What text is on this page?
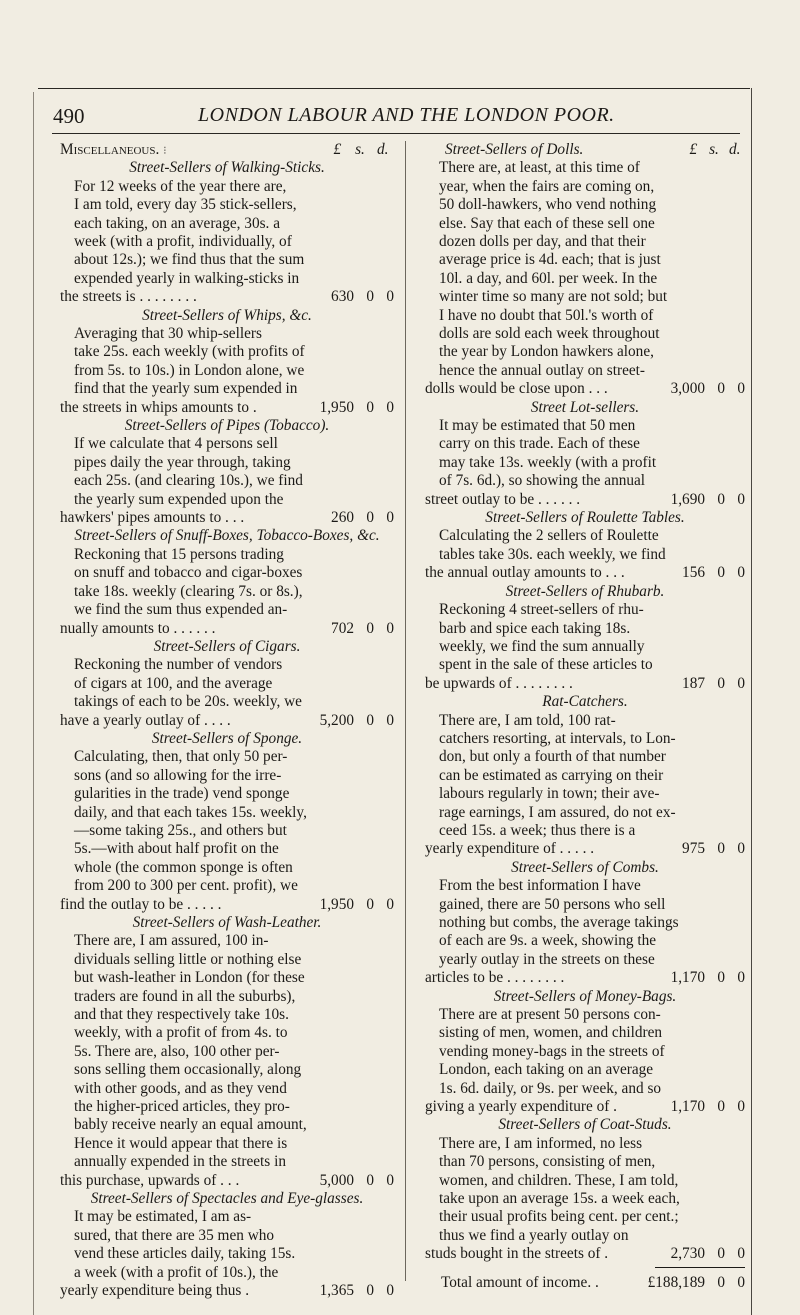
490	LONDON LABOUR AND THE LONDON POOR.
Miscellaneous. ⁝	£ s. d.
Street-Sellers of Walking-Sticks.

For 12 weeks of the year there are,
I am told, every day 35 stick-sellers,
each taking, on an average, 30s. a
week (with a profit, individually, of
about 12s.); we find thus that the sum
expended yearly in walking-sticks in

the streets is . . . . . . . .	630 0 0
Street-Sellers of Whips, &c.

Averaging that 30 whip-sellers
take 25s. each weekly (with profits of
from 5s. to 10s.) in London alone, we
find that the yearly sum expended in

the streets in whips amounts to .	1,950 0 0
Street-Sellers of Pipes (Tobacco).

If we calculate that 4 persons sell
pipes daily the year through, taking
each 25s. (and clearing 10s.), we find
the yearly sum expended upon the

hawkers' pipes amounts to . . .	260 0 0
Street-Sellers of Snuff-Boxes, Tobacco-Boxes, &c.

Reckoning that 15 persons trading
on snuff and tobacco and cigar-boxes
take 18s. weekly (clearing 7s. or 8s.),
we find the sum thus expended an-

nually amounts to . . . . . .	702 0 0
Street-Sellers of Cigars.

Reckoning the number of vendors
of cigars at 100, and the average
takings of each to be 20s. weekly, we

have a yearly outlay of . . . .	5,200 0 0
Street-Sellers of Sponge.

Calculating, then, that only 50 per-
sons (and so allowing for the irre-
gularities in the trade) vend sponge
daily, and that each takes 15s. weekly,
—some taking 25s., and others but
5s.—with about half profit on the
whole (the common sponge is often
from 200 to 300 per cent. profit), we

find the outlay to be . . . . .	1,950 0 0
Street-Sellers of Wash-Leather.

There are, I am assured, 100 in-
dividuals selling little or nothing else
but wash-leather in London (for these
traders are found in all the suburbs),
and that they respectively take 10s.
weekly, with a profit of from 4s. to
5s. There are, also, 100 other per-
sons selling them occasionally, along
with other goods, and as they vend
the higher-priced articles, they pro-
bably receive nearly an equal amount,
Hence it would appear that there is
annually expended in the streets in

this purchase, upwards of . . .	5,000 0 0
Street-Sellers of Spectacles and Eye-glasses.

It may be estimated, I am as-
sured, that there are 35 men who
vend these articles daily, taking 15s.
a week (with a profit of 10s.), the

yearly expenditure being thus .	1,365 0 0
Street-Sellers of Dolls.	£ s. d.

There are, at least, at this time of
year, when the fairs are coming on,
50 doll-hawkers, who vend nothing
else. Say that each of these sell one
dozen dolls per day, and that their
average price is 4d. each; that is just
10l. a day, and 60l. per week. In the
winter time so many are not sold; but
I have no doubt that 50l.'s worth of
dolls are sold each week throughout
the year by London hawkers alone,
hence the annual outlay on street-

dolls would be close upon . . .	3,000 0 0
Street Lot-sellers.

It may be estimated that 50 men
carry on this trade. Each of these
may take 13s. weekly (with a profit
of 7s. 6d.), so showing the annual

street outlay to be . . . . . .	1,690 0 0
Street-Sellers of Roulette Tables.

Calculating the 2 sellers of Roulette
tables take 30s. each weekly, we find

the annual outlay amounts to . . .	156 0 0
Street-Sellers of Rhubarb.

Reckoning 4 street-sellers of rhu-
barb and spice each taking 18s.
weekly, we find the sum annually
spent in the sale of these articles to

be upwards of . . . . . . . .	187 0 0
Rat-Catchers.

There are, I am told, 100 rat-
catchers resorting, at intervals, to Lon-
don, but only a fourth of that number
can be estimated as carrying on their
labours regularly in town; their ave-
rage earnings, I am assured, do not ex-
ceed 15s. a week; thus there is a

yearly expenditure of . . . . .	975 0 0
Street-Sellers of Combs.

From the best information I have
gained, there are 50 persons who sell
nothing but combs, the average takings
of each are 9s. a week, showing the
yearly outlay in the streets on these

articles to be . . . . . . . .	1,170 0 0
Street-Sellers of Money-Bags.

There are at present 50 persons con-
sisting of men, women, and children
vending money-bags in the streets of
London, each taking on an average
1s. 6d. daily, or 9s. per week, and so

giving a yearly expenditure of .	1,170 0 0
Street-Sellers of Coat-Studs.

There are, I am informed, no less
than 70 persons, consisting of men,
women, and children. These, I am told,
take upon an average 15s. a week each,
their usual profits being cent. per cent.;
thus we find a yearly outlay on

studs bought in the streets of .	2,730 0 0
Total amount of income. .	£188,189 0 0
